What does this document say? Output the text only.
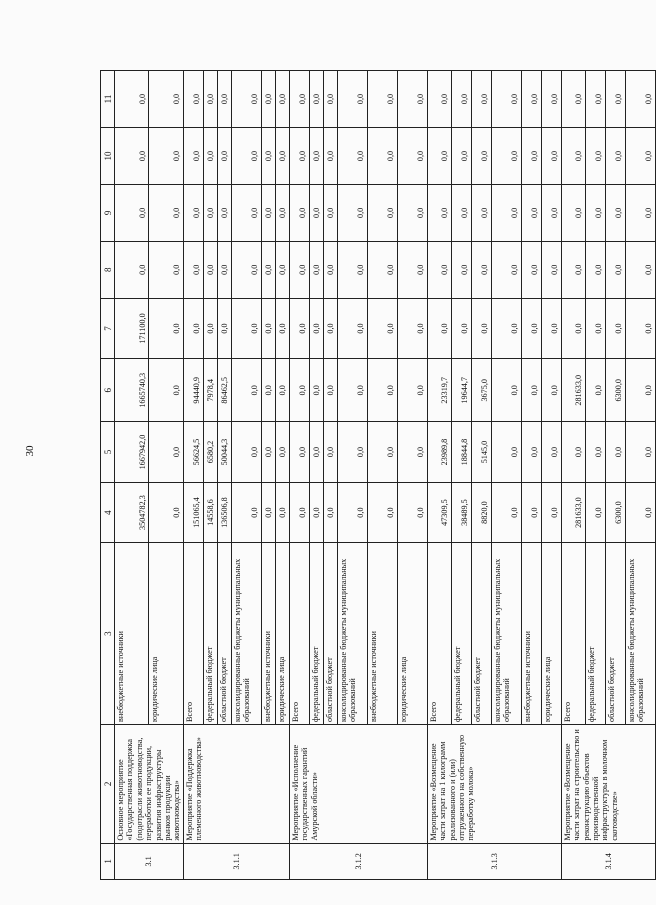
30
1	2	3	4	5	6	7	8	9	10	11
3.1	Основное мероприятие «Государственная поддержка (подотрасли животноводства, переработки ее продукции, развития инфраструктуры рынков продукции животноводства»	внебюджетные источники	3504782,3	1667942,0	1665740,3	171100,0	0,0	0,0	0,0	0,0
		юридические лица	0,0	0,0	0,0	0,0	0,0	0,0	0,0	0,0
3.1.1	Мероприятие «Поддержка племенного животноводства»	Всего	151065,4	56624,5	94440,9	0,0	0,0	0,0	0,0	0,0
		федеральный бюджет	14558,6	6580,2	7978,4	0,0	0,0	0,0	0,0	0,0
		областной бюджет	136506,8	50044,3	86462,5	0,0	0,0	0,0	0,0	0,0
		консолидированные бюджеты муниципальных образований	0,0	0,0	0,0	0,0	0,0	0,0	0,0	0,0
		внебюджетные источники	0,0	0,0	0,0	0,0	0,0	0,0	0,0	0,0
		юридические лица	0,0	0,0	0,0	0,0	0,0	0,0	0,0	0,0
3.1.2	Мероприятие «Исполнение государственных гарантий Амурской области»	Всего	0,0	0,0	0,0	0,0	0,0	0,0	0,0	0,0
		федеральный бюджет	0,0	0,0	0,0	0,0	0,0	0,0	0,0	0,0
		областной бюджет	0,0	0,0	0,0	0,0	0,0	0,0	0,0	0,0
		консолидированные бюджеты муниципальных образований	0,0	0,0	0,0	0,0	0,0	0,0	0,0	0,0
		внебюджетные источники	0,0	0,0	0,0	0,0	0,0	0,0	0,0	0,0
		юридические лица	0,0	0,0	0,0	0,0	0,0	0,0	0,0	0,0
3.1.3	Мероприятие «Возмещение части затрат на 1 килограмм реализованного и (или) отгруженного на собственную переработку молока»	Всего	47309,5	23989,8	23319,7	0,0	0,0	0,0	0,0	0,0
		федеральный бюджет	38489,5	18844,8	19644,7	0,0	0,0	0,0	0,0	0,0
		областной бюджет	8820,0	5145,0	3675,0	0,0	0,0	0,0	0,0	0,0
		консолидированные бюджеты муниципальных образований	0,0	0,0	0,0	0,0	0,0	0,0	0,0	0,0
		внебюджетные источники	0,0	0,0	0,0	0,0	0,0	0,0	0,0	0,0
		юридические лица	0,0	0,0	0,0	0,0	0,0	0,0	0,0	0,0
3.1.4	Мероприятие «Возмещение части затрат на строительство и реконструкцию объектов производственной инфраструктуры в молочном скотоводстве»	Всего	281633,0	0,0	281633,0	0,0	0,0	0,0	0,0	0,0
		федеральный бюджет	0,0	0,0	0,0	0,0	0,0	0,0	0,0	0,0
		областной бюджет	6300,0	0,0	6300,0	0,0	0,0	0,0	0,0	0,0
		консолидированные бюджеты муниципальных образований	0,0	0,0	0,0	0,0	0,0	0,0	0,0	0,0
